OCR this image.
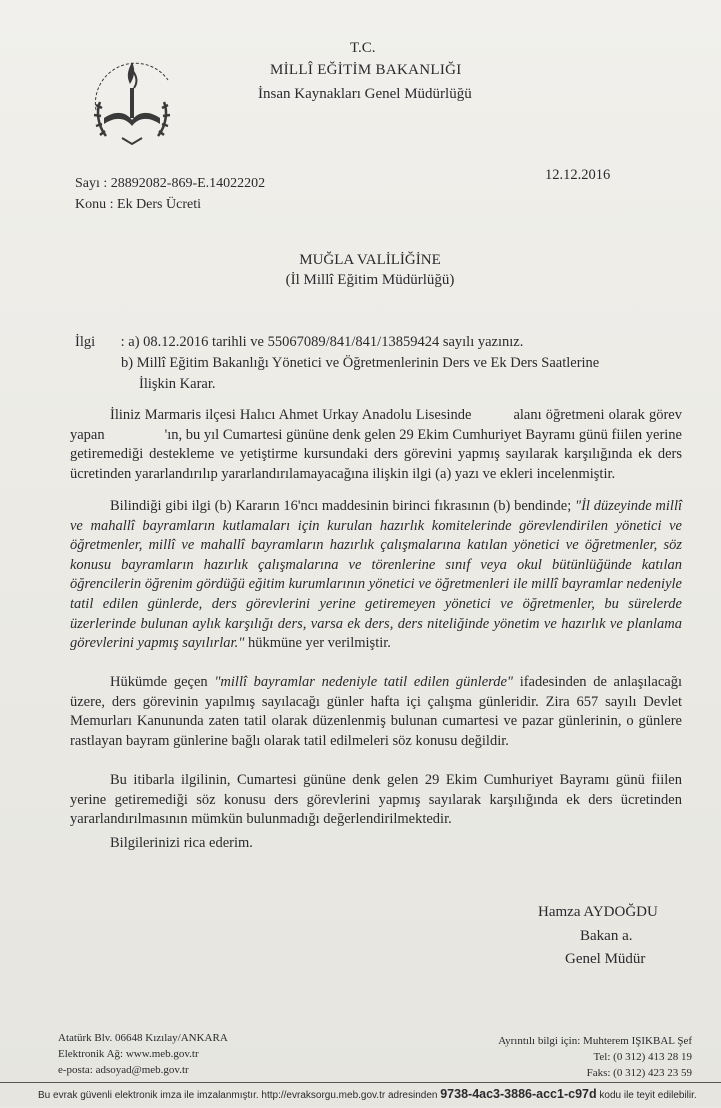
T.C.
MİLLÎ EĞİTİM BAKANLIĞI
İnsan Kaynakları Genel Müdürlüğü
Sayı : 28892082-869-E.14022202
Konu : Ek Ders Ücreti
12.12.2016
MUĞLA VALİLİĞİNE
(İl Millî Eğitim Müdürlüğü)
İlgi : a) 08.12.2016 tarihli ve 55067089/841/841/13859424 sayılı yazınız.
b) Millî Eğitim Bakanlığı Yönetici ve Öğretmenlerinin Ders ve Ek Ders Saatlerine
İlişkin Karar.
İliniz Marmaris ilçesi Halıcı Ahmet Urkay Anadolu Lisesinde	alanı öğretmeni olarak görev yapan	'ın, bu yıl Cumartesi gününe denk gelen 29 Ekim Cumhuriyet Bayramı günü fiilen yerine getiremediği destekleme ve yetiştirme kursundaki ders görevini yapmış sayılarak karşılığında ek ders ücretinden yararlandırılıp yararlandırılamayacağına ilişkin ilgi (a) yazı ve ekleri incelenmiştir.
Bilindiği gibi ilgi (b) Kararın 16'ncı maddesinin birinci fıkrasının (b) bendinde; "İl düzeyinde millî ve mahallî bayramların kutlamaları için kurulan hazırlık komitelerinde görevlendirilen yönetici ve öğretmenler, millî ve mahallî bayramların hazırlık çalışmalarına katılan yönetici ve öğretmenler, söz konusu bayramların hazırlık çalışmalarına ve törenlerine sınıf veya okul bütünlüğünde katılan öğrencilerin öğrenim gördüğü eğitim kurumlarının yönetici ve öğretmenleri ile millî bayramlar nedeniyle tatil edilen günlerde, ders görevlerini yerine getiremeyen yönetici ve öğretmenler, bu sürelerde üzerlerinde bulunan aylık karşılığı ders, varsa ek ders, ders niteliğinde yönetim ve hazırlık ve planlama görevlerini yapmış sayılırlar." hükmüne yer verilmiştir.
Hükümde geçen "millî bayramlar nedeniyle tatil edilen günlerde" ifadesinden de anlaşılacağı üzere, ders görevinin yapılmış sayılacağı günler hafta içi çalışma günleridir. Zira 657 sayılı Devlet Memurları Kanununda zaten tatil olarak düzenlenmiş bulunan cumartesi ve pazar günlerinin, o günlere rastlayan bayram günlerine bağlı olarak tatil edilmeleri söz konusu değildir.
Bu itibarla ilgilinin, Cumartesi gününe denk gelen 29 Ekim Cumhuriyet Bayramı günü fiilen yerine getiremediği söz konusu ders görevlerini yapmış sayılarak karşılığında ek ders ücretinden yararlandırılmasının mümkün bulunmadığı değerlendirilmektedir.
Bilgilerinizi rica ederim.
Hamza AYDOĞDU
Bakan a.
Genel Müdür
Atatürk Blv. 06648 Kızılay/ANKARA
Elektronik Ağ: www.meb.gov.tr
e-posta: adsoyad@meb.gov.tr
Ayrıntılı bilgi için: Muhterem IŞIKBAL Şef
Tel: (0 312) 413 28 19
Faks: (0 312) 423 23 59
Bu evrak güvenli elektronik imza ile imzalanmıştır. http://evraksorgu.meb.gov.tr adresinden 9738-4ac3-3886-acc1-c97d kodu ile teyit edilebilir.
